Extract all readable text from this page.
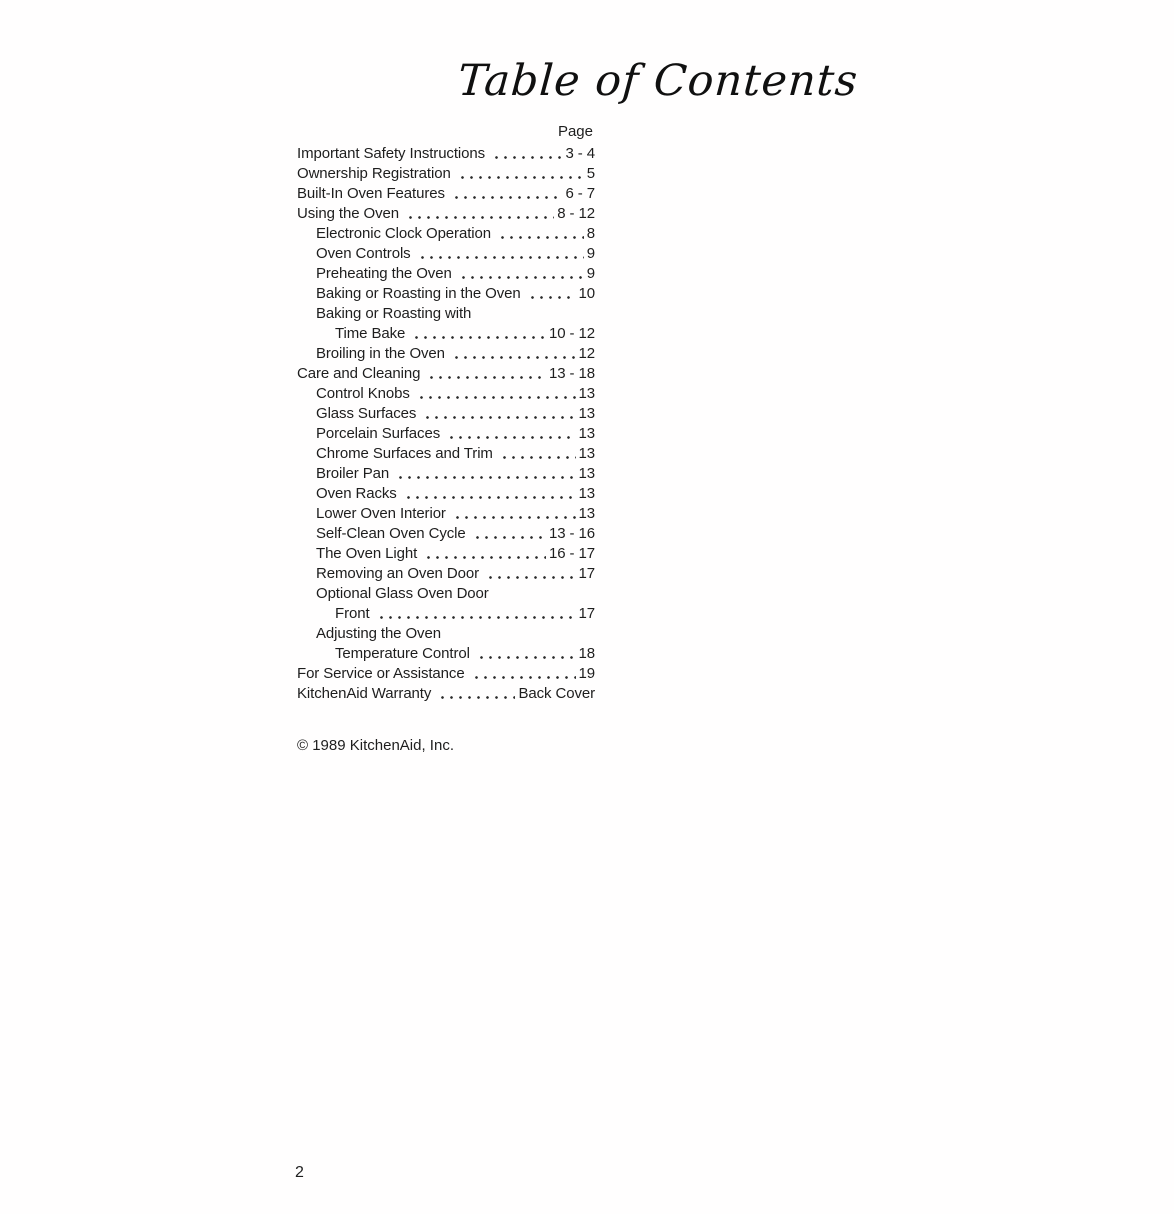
Table of Contents
Page
Important Safety Instructions	3 - 4
Ownership Registration	5
Built-In Oven Features	6 - 7
Using the Oven	8 - 12
Electronic Clock Operation	8
Oven Controls	9
Preheating the Oven	9
Baking or Roasting in the Oven	10
Baking or Roasting with
Time Bake	10 - 12
Broiling in the Oven	12
Care and Cleaning	13 - 18
Control Knobs	13
Glass Surfaces	13
Porcelain Surfaces	13
Chrome Surfaces and Trim	13
Broiler Pan	13
Oven Racks	13
Lower Oven Interior	13
Self-Clean Oven Cycle	13 - 16
The Oven Light	16 - 17
Removing an Oven Door	17
Optional Glass Oven Door
Front	17
Adjusting the Oven
Temperature Control	18
For Service or Assistance	19
KitchenAid Warranty	Back Cover
© 1989 KitchenAid, Inc.
2
